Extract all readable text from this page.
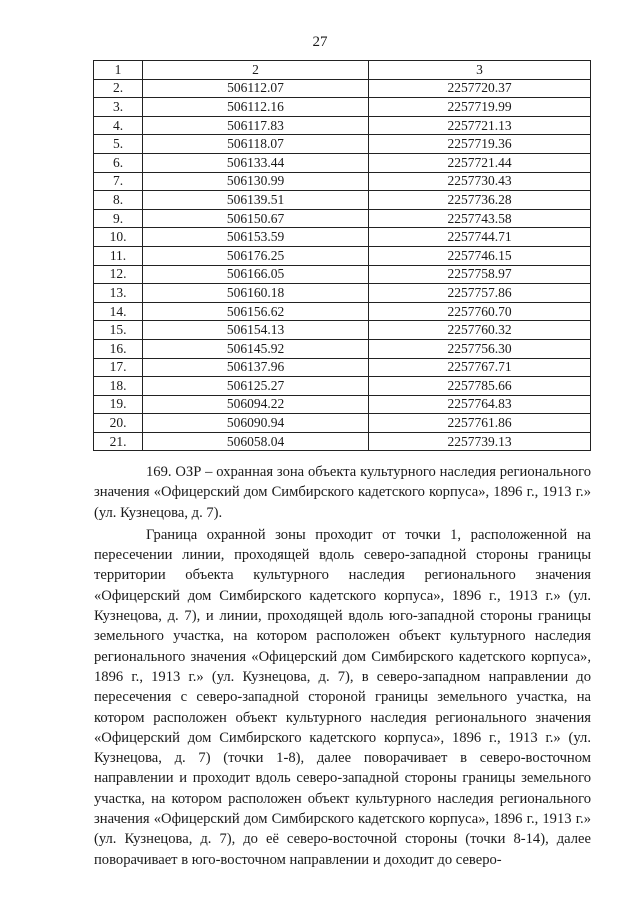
27
1	2	3
2.	506112.07	2257720.37
3.	506112.16	2257719.99
4.	506117.83	2257721.13
5.	506118.07	2257719.36
6.	506133.44	2257721.44
7.	506130.99	2257730.43
8.	506139.51	2257736.28
9.	506150.67	2257743.58
10.	506153.59	2257744.71
11.	506176.25	2257746.15
12.	506166.05	2257758.97
13.	506160.18	2257757.86
14.	506156.62	2257760.70
15.	506154.13	2257760.32
16.	506145.92	2257756.30
17.	506137.96	2257767.71
18.	506125.27	2257785.66
19.	506094.22	2257764.83
20.	506090.94	2257761.86
21.	506058.04	2257739.13

169. ОЗР – охранная зона объекта культурного наследия регионального значения «Офицерский дом Симбирского кадетского корпуса», 1896 г., 1913 г.» (ул. Кузнецова, д. 7).

Граница охранной зоны проходит от точки 1, расположенной на пересечении линии, проходящей вдоль северо-западной стороны границы территории объекта культурного наследия регионального значения «Офицерский дом Симбирского кадетского корпуса», 1896 г., 1913 г.» (ул. Кузнецова, д. 7), и линии, проходящей вдоль юго-западной стороны границы земельного участка, на котором расположен объект культурного наследия регионального значения «Офицерский дом Симбирского кадетского корпуса», 1896 г., 1913 г.» (ул. Кузнецова, д. 7), в северо-западном направлении до пересечения с северо-западной стороной границы земельного участка, на котором расположен объект культурного наследия регионального значения «Офицерский дом Симбирского кадетского корпуса», 1896 г., 1913 г.» (ул. Кузнецова, д. 7) (точки 1-8), далее поворачивает в северо-восточном направлении и проходит вдоль северо-западной стороны границы земельного участка, на котором расположен объект культурного наследия регионального значения «Офицерский дом Симбирского кадетского корпуса», 1896 г., 1913 г.» (ул. Кузнецова, д. 7), до её северо-восточной стороны (точки 8-14), далее поворачивает в юго-восточном направлении и доходит до северо-
